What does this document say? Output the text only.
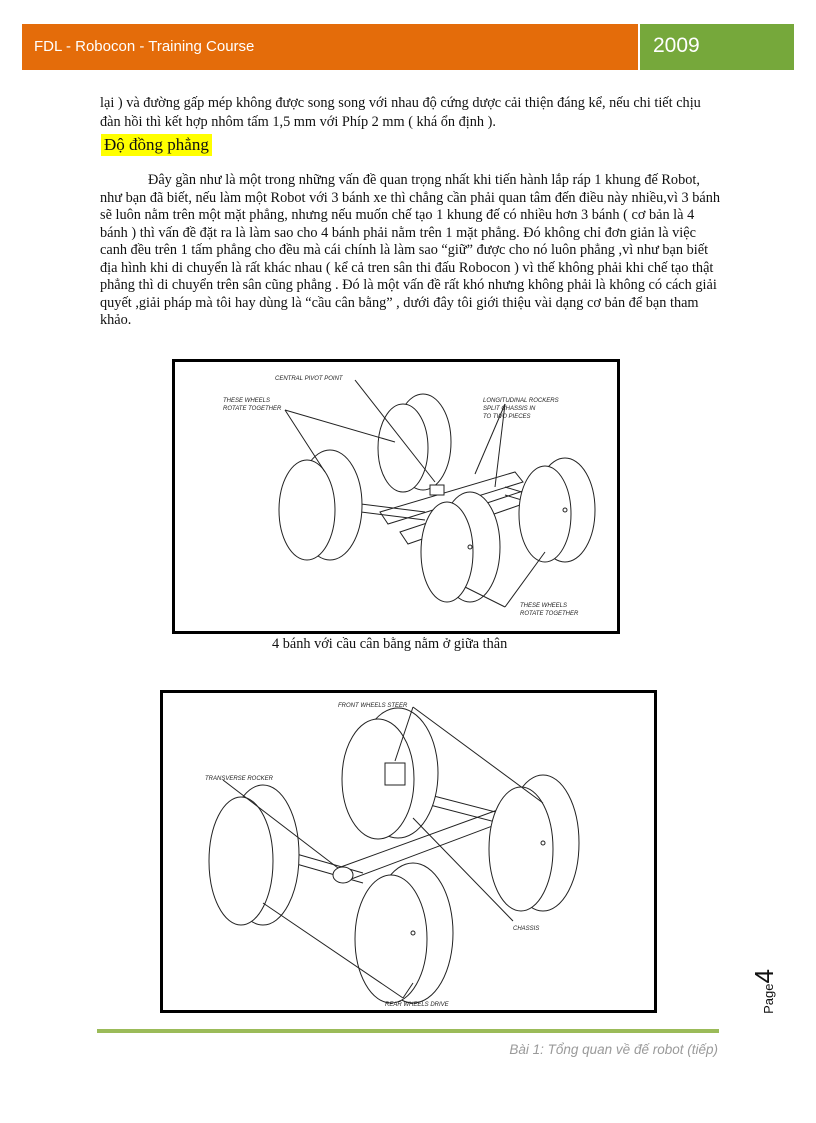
FDL - Robocon - Training Course	2009

lại ) và đường gấp mép không được song song với nhau độ cứng dược cải thiện đáng kể, nếu chi tiết chịu đàn hồi thì kết hợp nhôm tấm 1,5 mm với Phíp 2 mm ( khá ổn định ).

Độ đồng phẳng

Đây gần như là một trong những vấn đề quan trọng nhất khi tiến hành lắp ráp 1 khung đế Robot, như bạn đã biết, nếu làm một Robot với 3 bánh xe thì chẳng cần phải quan tâm đến điều này nhiều,vì 3 bánh sẽ luôn nằm trên một mặt phẳng, nhưng nếu muốn chế tạo 1 khung đế có nhiều hơn 3 bánh ( cơ bản là 4 bánh ) thì vấn đề đặt ra là làm sao cho 4 bánh phải nằm trên 1 mặt phẳng. Đó không chỉ đơn giản là việc canh đều trên 1 tấm phẳng cho đều mà cái chính là làm sao “giữ” được cho nó luôn phẳng ,vì như bạn biết địa hình khi di chuyển là rất khác nhau ( kể cả tren sân thi đấu Robocon ) vì thế không phải khi chế tạo thật phẳng thì di chuyển trên sân cũng phẳng . Đó là một vấn đề rất khó nhưng không phải là không có cách giải quyết ,giải pháp mà tôi hay dùng là “cầu cân bằng” , dưới đây tôi giới thiệu vài dạng cơ bản để bạn tham khảo.

CENTRAL PIVOT POINT
THESE WHEELS
ROTATE TOGETHER
LONGITUDINAL ROCKERS
SPLIT CHASSIS IN
TO TWO PIECES
THESE WHEELS
ROTATE TOGETHER

4 bánh với cầu cân bằng nằm ở giữa thân

FRONT WHEELS STEER
TRANSVERSE ROCKER
CHASSIS
REAR WHEELS DRIVE	Page4

Bài 1: Tổng quan về đế robot (tiếp)
